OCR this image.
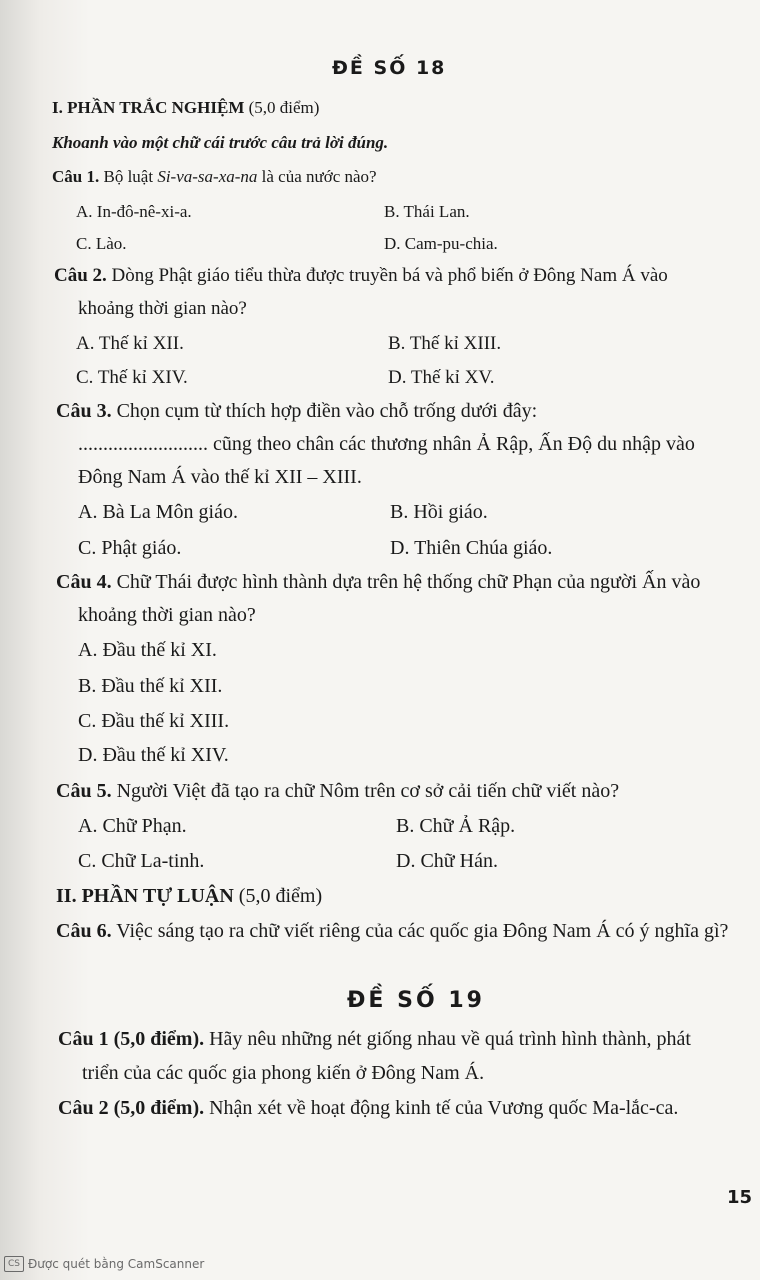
ĐỀ SỐ 18
I. PHẦN TRẮC NGHIỆM (5,0 điểm)
Khoanh vào một chữ cái trước câu trả lời đúng.
Câu 1. Bộ luật Si-va-sa-xa-na là của nước nào?
A. In-đô-nê-xi-a.	B. Thái Lan.
C. Lào.	D. Cam-pu-chia.
Câu 2. Dòng Phật giáo tiểu thừa được truyền bá và phổ biến ở Đông Nam Á vào
khoảng thời gian nào?
A. Thế kỉ XII.	B. Thế kỉ XIII.
C. Thế kỉ XIV.	D. Thế kỉ XV.
Câu 3. Chọn cụm từ thích hợp điền vào chỗ trống dưới đây:
.......................... cũng theo chân các thương nhân Ả Rập, Ấn Độ du nhập vào
Đông Nam Á vào thế kỉ XII – XIII.
A. Bà La Môn giáo.	B. Hồi giáo.
C. Phật giáo.	D. Thiên Chúa giáo.
Câu 4. Chữ Thái được hình thành dựa trên hệ thống chữ Phạn của người Ấn vào
khoảng thời gian nào?
A. Đầu thế kỉ XI.
B. Đầu thế kỉ XII.
C. Đầu thế kỉ XIII.
D. Đầu thế kỉ XIV.
Câu 5. Người Việt đã tạo ra chữ Nôm trên cơ sở cải tiến chữ viết nào?
A. Chữ Phạn.	B. Chữ Ả Rập.
C. Chữ La-tinh.	D. Chữ Hán.
II. PHẦN TỰ LUẬN (5,0 điểm)
Câu 6. Việc sáng tạo ra chữ viết riêng của các quốc gia Đông Nam Á có ý nghĩa gì?
ĐỀ SỐ 19
Câu 1 (5,0 điểm). Hãy nêu những nét giống nhau về quá trình hình thành, phát
triển của các quốc gia phong kiến ở Đông Nam Á.
Câu 2 (5,0 điểm). Nhận xét về hoạt động kinh tế của Vương quốc Ma-lắc-ca.
15
CS Được quét bằng CamScanner
